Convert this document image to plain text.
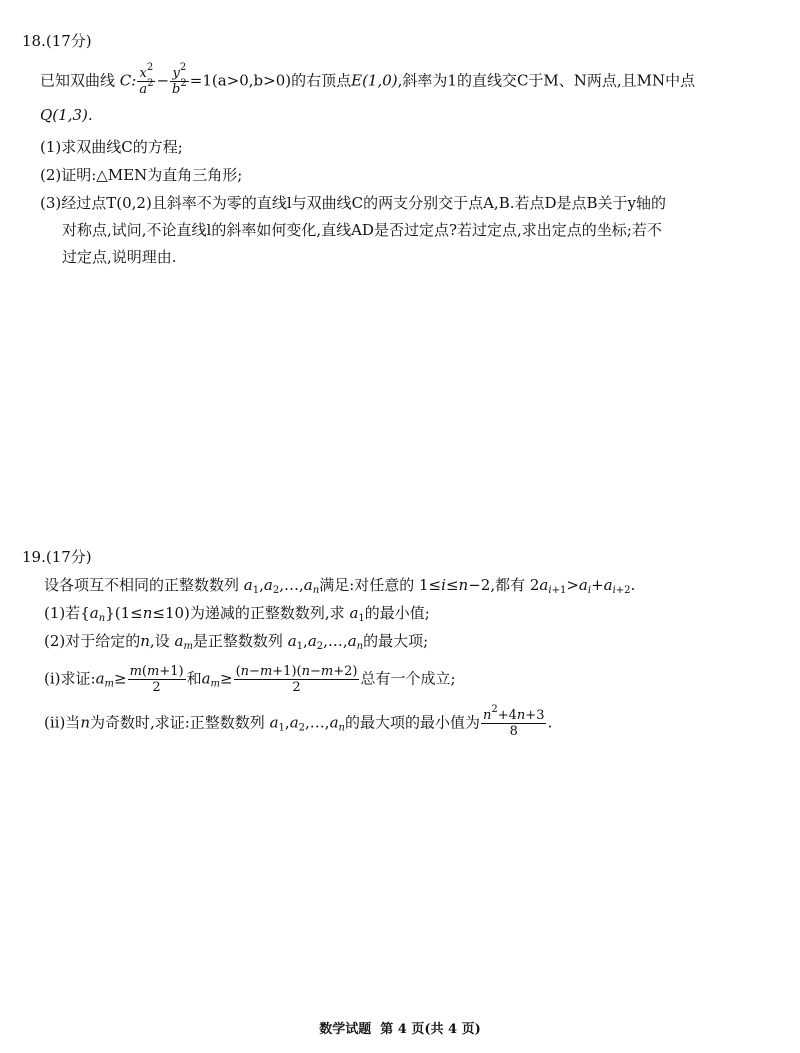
18.(17分)
已知双曲线 C: $\frac{x^2}{a^2} - \frac{y^2}{b^2} =1(a>0,b>0)$的右顶点E(1,0),斜率为1的直线交C于M、N两点,且MN中点
Q(1,3).
(1)求双曲线C的方程;
(2)证明:△MEN为直角三角形;
(3)经过点T(0,2)且斜率不为零的直线l与双曲线C的两支分别交于点A,B.若点D是点B关于y轴的
对称点,试问,不论直线l的斜率如何变化,直线AD是否过定点?若过定点,求出定点的坐标;若不
过定点,说明理由.
19.(17分)
设各项互不相同的正整数数列 $a_1,a_2,\dots,a_n$满足:对任意的 1≤i≤n−2,都有 $2a_{i+1}>a_i+a_{i+2}$.
(1)若$\{a_n\}(1\le n\le 10)$为递减的正整数数列,求 $a_1$的最小值;
(2)对于给定的n,设 $a_m$是正整数数列 $a_1,a_2,\dots,a_n$的最大项;
(ⅰ)求证$:a_m\ge \frac{m(m+1)}{2}$ 和$a_m\ge \frac{(n-m+1)(n-m+2)}{2}$ 总有一个成立;
(ⅱ)当n为奇数时,求证:正整数数列 $a_1,a_2,\dots,a_n$的最大项的最小值为 $\frac{n^2+4n+3}{8}$ .
数学试题 第 4 页(共 4 页)
